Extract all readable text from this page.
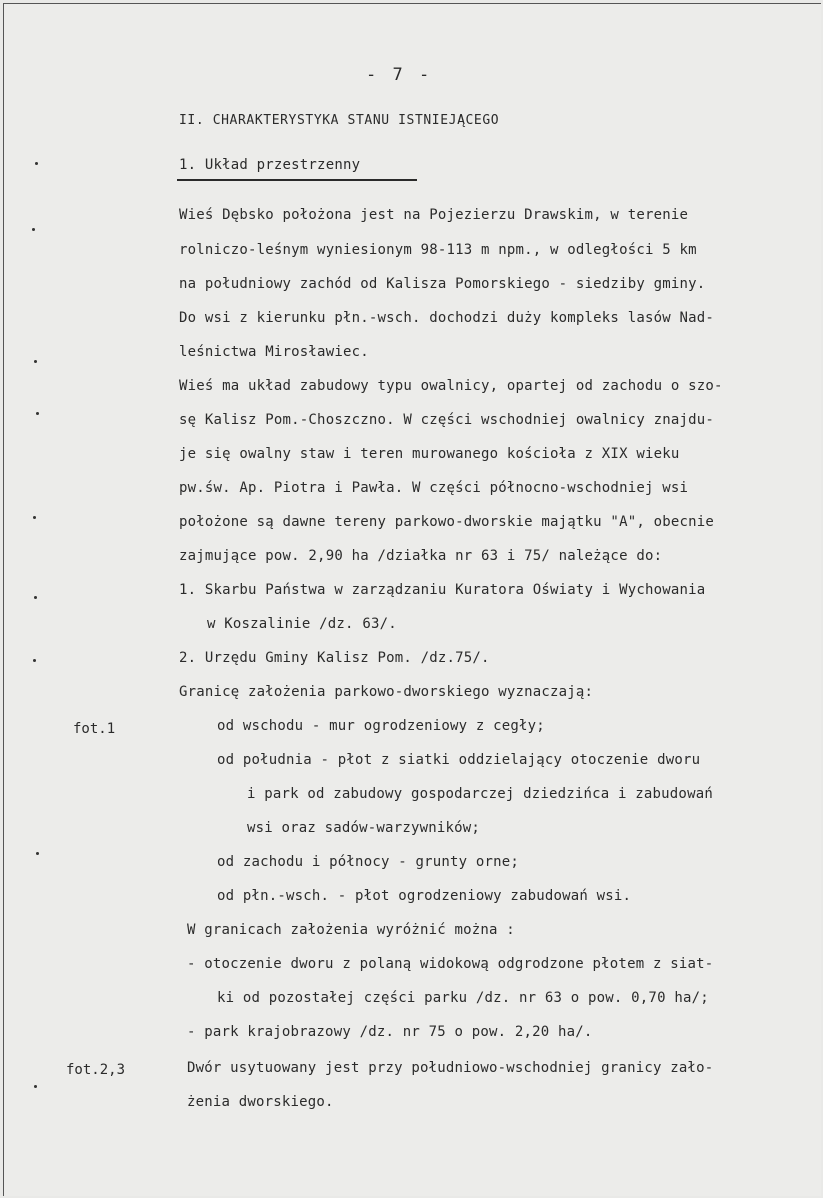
- 7 -
II. CHARAKTERYSTYKA STANU ISTNIEJĄCEGO
1. Układ przestrzenny
Wieś Dębsko położona jest na Pojezierzu Drawskim, w terenie
rolniczo-leśnym wyniesionym 98-113 m npm., w odległości 5 km
na południowy zachód od Kalisza Pomorskiego - siedziby gminy.
Do wsi z kierunku płn.-wsch. dochodzi duży kompleks lasów Nad-
leśnictwa Mirosławiec.
Wieś ma układ zabudowy typu owalnicy, opartej od zachodu o szo-
sę Kalisz Pom.-Choszczno. W części wschodniej owalnicy znajdu-
je się owalny staw i teren murowanego kościoła z XIX wieku
pw.św. Ap. Piotra i Pawła. W części północno-wschodniej wsi
położone są dawne tereny parkowo-dworskie majątku "A", obecnie
zajmujące pow. 2,90 ha /działka nr 63 i 75/ należące do:
1. Skarbu Państwa w zarządzaniu Kuratora Oświaty i Wychowania
w Koszalinie /dz. 63/.
2. Urzędu Gminy Kalisz Pom. /dz.75/.
Granicę założenia parkowo-dworskiego wyznaczają:
fot.1	od wschodu - mur ogrodzeniowy z cegły;
od południa - płot z siatki oddzielający otoczenie dworu
i park od zabudowy gospodarczej dziedzińca i zabudowań
wsi oraz sadów-warzywników;
od zachodu i północy - grunty orne;
od płn.-wsch. - płot ogrodzeniowy zabudowań wsi.
W granicach założenia wyróżnić można :
- otoczenie dworu z polaną widokową odgrodzone płotem z siat-
ki od pozostałej części parku /dz. nr 63 o pow. 0,70 ha/;
- park krajobrazowy /dz. nr 75 o pow. 2,20 ha/.
fot.2,3	Dwór usytuowany jest przy południowo-wschodniej granicy zało-
żenia dworskiego.
